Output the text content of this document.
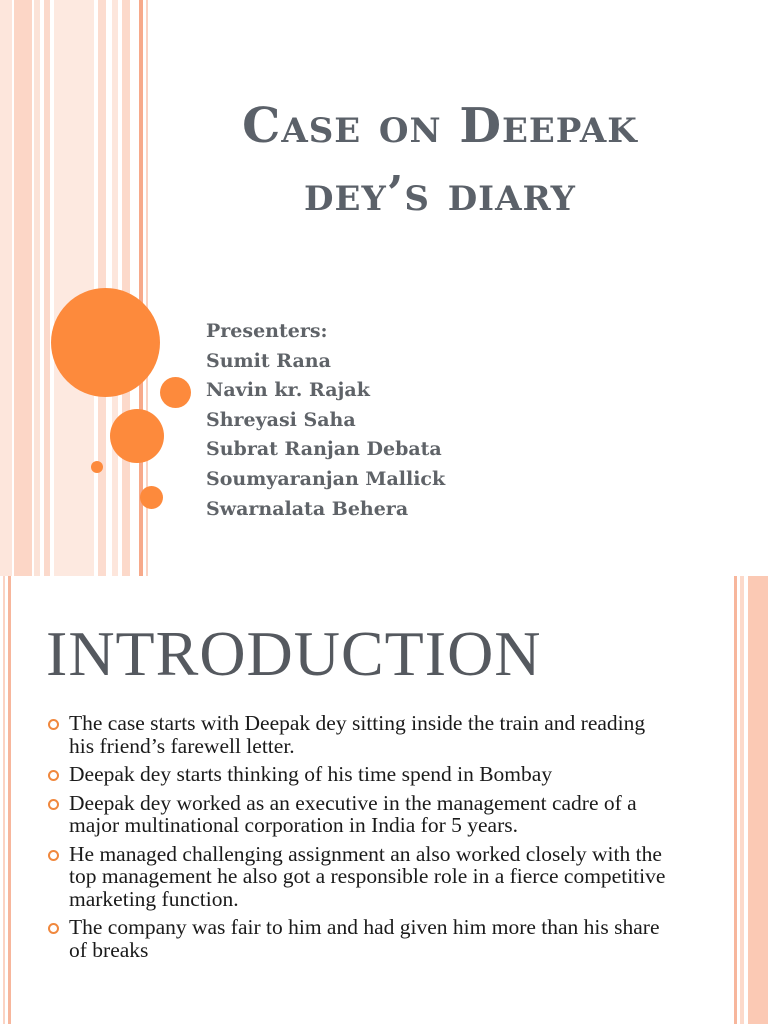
Case on Deepak
dey’s diary
Presenters:
Sumit Rana
Navin kr. Rajak
Shreyasi Saha
Subrat Ranjan Debata
Soumyaranjan Mallick
Swarnalata Behera
INTRODUCTION
The case starts with Deepak dey sitting inside the train and reading his friend’s farewell letter.
Deepak dey starts thinking of his time spend in Bombay
Deepak dey worked as an executive in the management cadre of a major multinational corporation in India for 5 years.
He managed challenging assignment an also worked closely with the top management he also got a responsible role in a fierce competitive marketing function.
The company was fair to him and had given him more than his share of breaks
